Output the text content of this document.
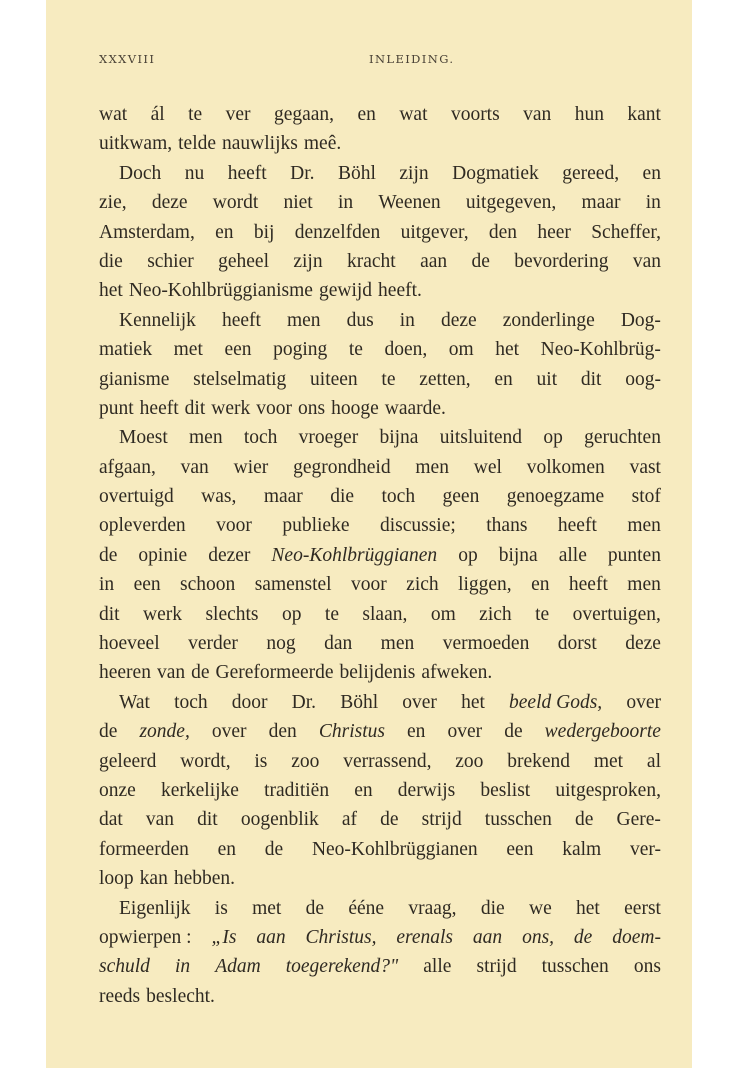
XXXVIII	INLEIDING.
wat ál te ver gegaan, en wat voorts van hun kant
uitkwam, telde nauwlijks meê.
Doch nu heeft Dr. Böhl zijn Dogmatiek gereed, en
zie, deze wordt niet in Weenen uitgegeven, maar in
Amsterdam, en bij denzelfden uitgever, den heer Scheffer,
die schier geheel zijn kracht aan de bevordering van
het Neo-Kohlbrüggianisme gewijd heeft.
Kennelijk heeft men dus in deze zonderlinge Dog-
matiek met een poging te doen, om het Neo-Kohlbrüg-
gianisme stelselmatig uiteen te zetten, en uit dit oog-
punt heeft dit werk voor ons hooge waarde.
Moest men toch vroeger bijna uitsluitend op geruchten
afgaan, van wier gegrondheid men wel volkomen vast
overtuigd was, maar die toch geen genoegzame stof
opleverden voor publieke discussie; thans heeft men
de opinie dezer Neo-Kohlbrüggianen op bijna alle punten
in een schoon samenstel voor zich liggen, en heeft men
dit werk slechts op te slaan, om zich te overtuigen,
hoeveel verder nog dan men vermoeden dorst deze
heeren van de Gereformeerde belijdenis afweken.
Wat toch door Dr. Böhl over het beeld Gods, over
de zonde, over den Christus en over de wedergeboorte
geleerd wordt, is zoo verrassend, zoo brekend met al
onze kerkelijke traditiën en derwijs beslist uitgesproken,
dat van dit oogenblik af de strijd tusschen de Gere-
formeerden en de Neo-Kohlbrüggianen een kalm ver-
loop kan hebben.
Eigenlijk is met de éénе vraag, die we het eerst
opwierpen : „Is aan Christus, erenals aan ons, de doem-
schuld in Adam toegerekend?" alle strijd tusschen ons
reeds beslecht.
